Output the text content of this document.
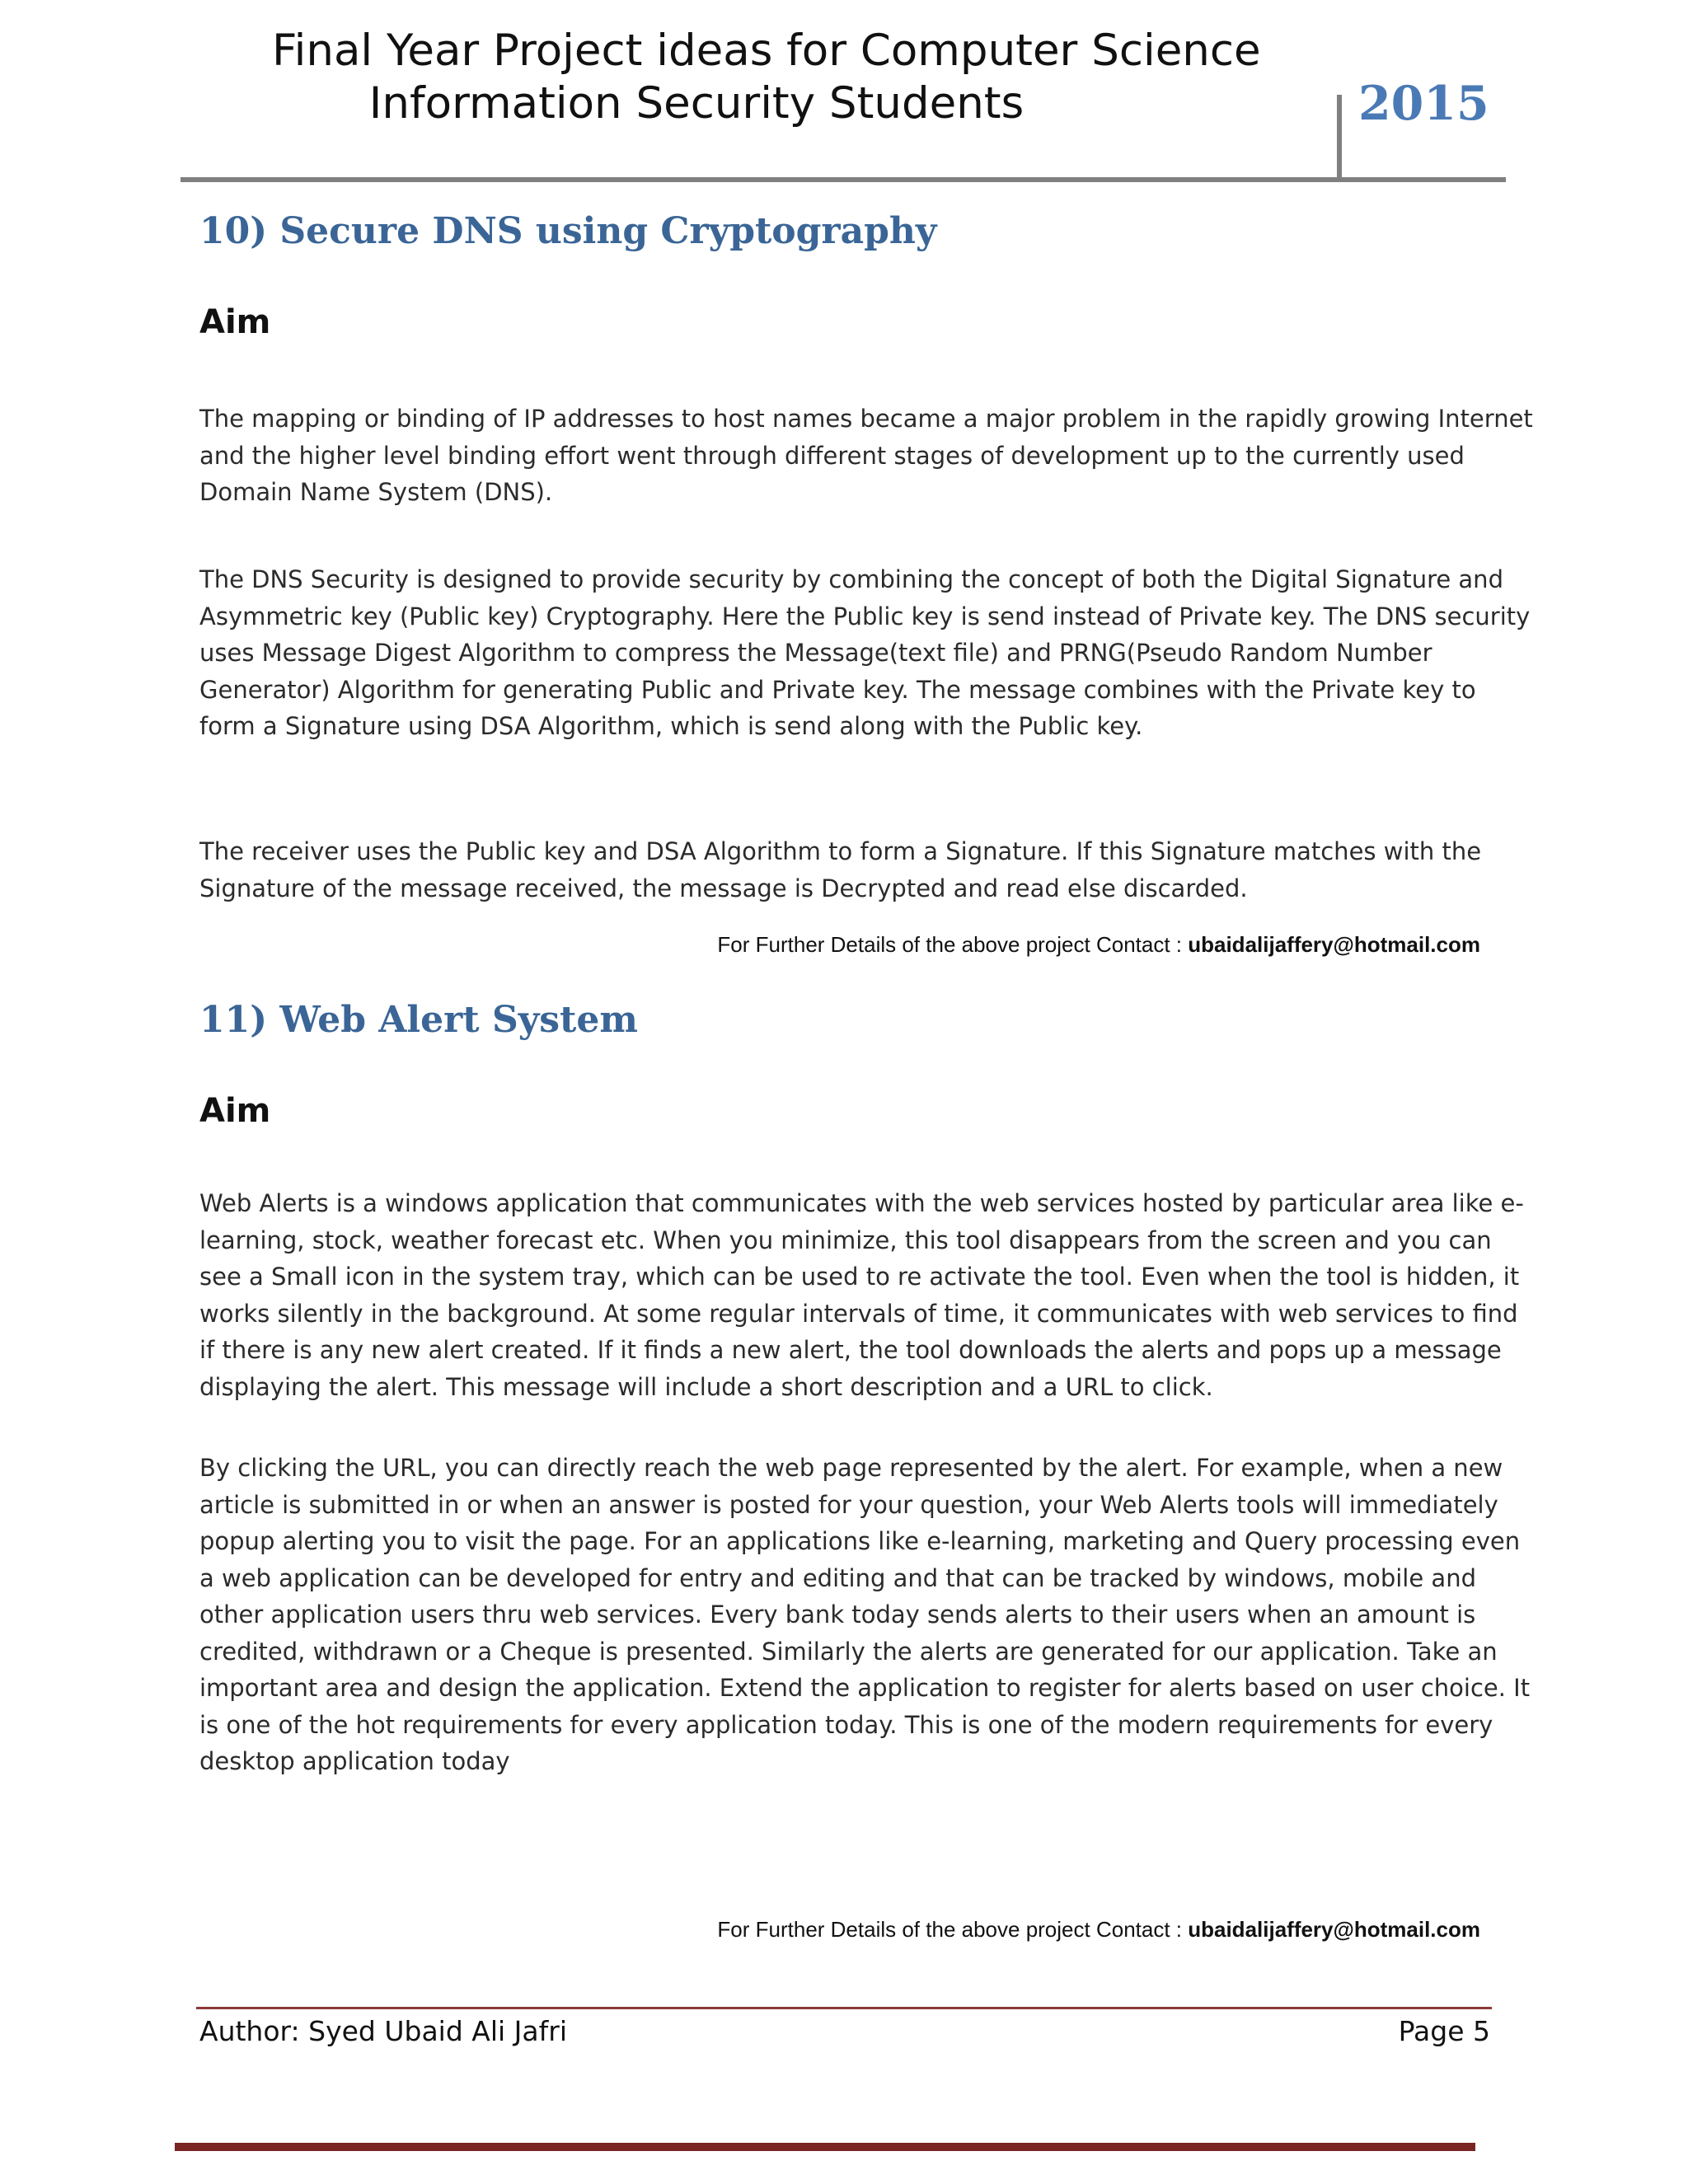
Final Year Project ideas for Computer Science
Information Security Students	2015
10) Secure DNS using Cryptography
Aim
The mapping or binding of IP addresses to host names became a major problem in the rapidly growing Internet and the higher level binding effort went through different stages of development up to the currently used Domain Name System (DNS).
The DNS Security is designed to provide security by combining the concept of both the Digital Signature and Asymmetric key (Public key) Cryptography. Here the Public key is send instead of Private key. The DNS security uses Message Digest Algorithm to compress the Message(text file) and PRNG(Pseudo Random Number Generator) Algorithm for generating Public and Private key. The message combines with the Private key to form a Signature using DSA Algorithm, which is send along with the Public key.
The receiver uses the Public key and DSA Algorithm to form a Signature. If this Signature matches with the Signature of the message received, the message is Decrypted and read else discarded.
For Further Details of the above project Contact : ubaidalijaffery@hotmail.com
11) Web Alert System
Aim
Web Alerts is a windows application that communicates with the web services hosted by particular area like e-learning, stock, weather forecast etc. When you minimize, this tool disappears from the screen and you can see a Small icon in the system tray, which can be used to re activate the tool. Even when the tool is hidden, it works silently in the background. At some regular intervals of time, it communicates with web services to find if there is any new alert created. If it finds a new alert, the tool downloads the alerts and pops up a message displaying the alert. This message will include a short description and a URL to click.
By clicking the URL, you can directly reach the web page represented by the alert. For example, when a new article is submitted in or when an answer is posted for your question, your Web Alerts tools will immediately popup alerting you to visit the page. For an applications like e-learning, marketing and Query processing even a web application can be developed for entry and editing and that can be tracked by windows, mobile and other application users thru web services. Every bank today sends alerts to their users when an amount is credited, withdrawn or a Cheque is presented. Similarly the alerts are generated for our application. Take an important area and design the application. Extend the application to register for alerts based on user choice. It is one of the hot requirements for every application today. This is one of the modern requirements for every desktop application today
For Further Details of the above project Contact : ubaidalijaffery@hotmail.com
Author: Syed Ubaid Ali Jafri	Page 5
